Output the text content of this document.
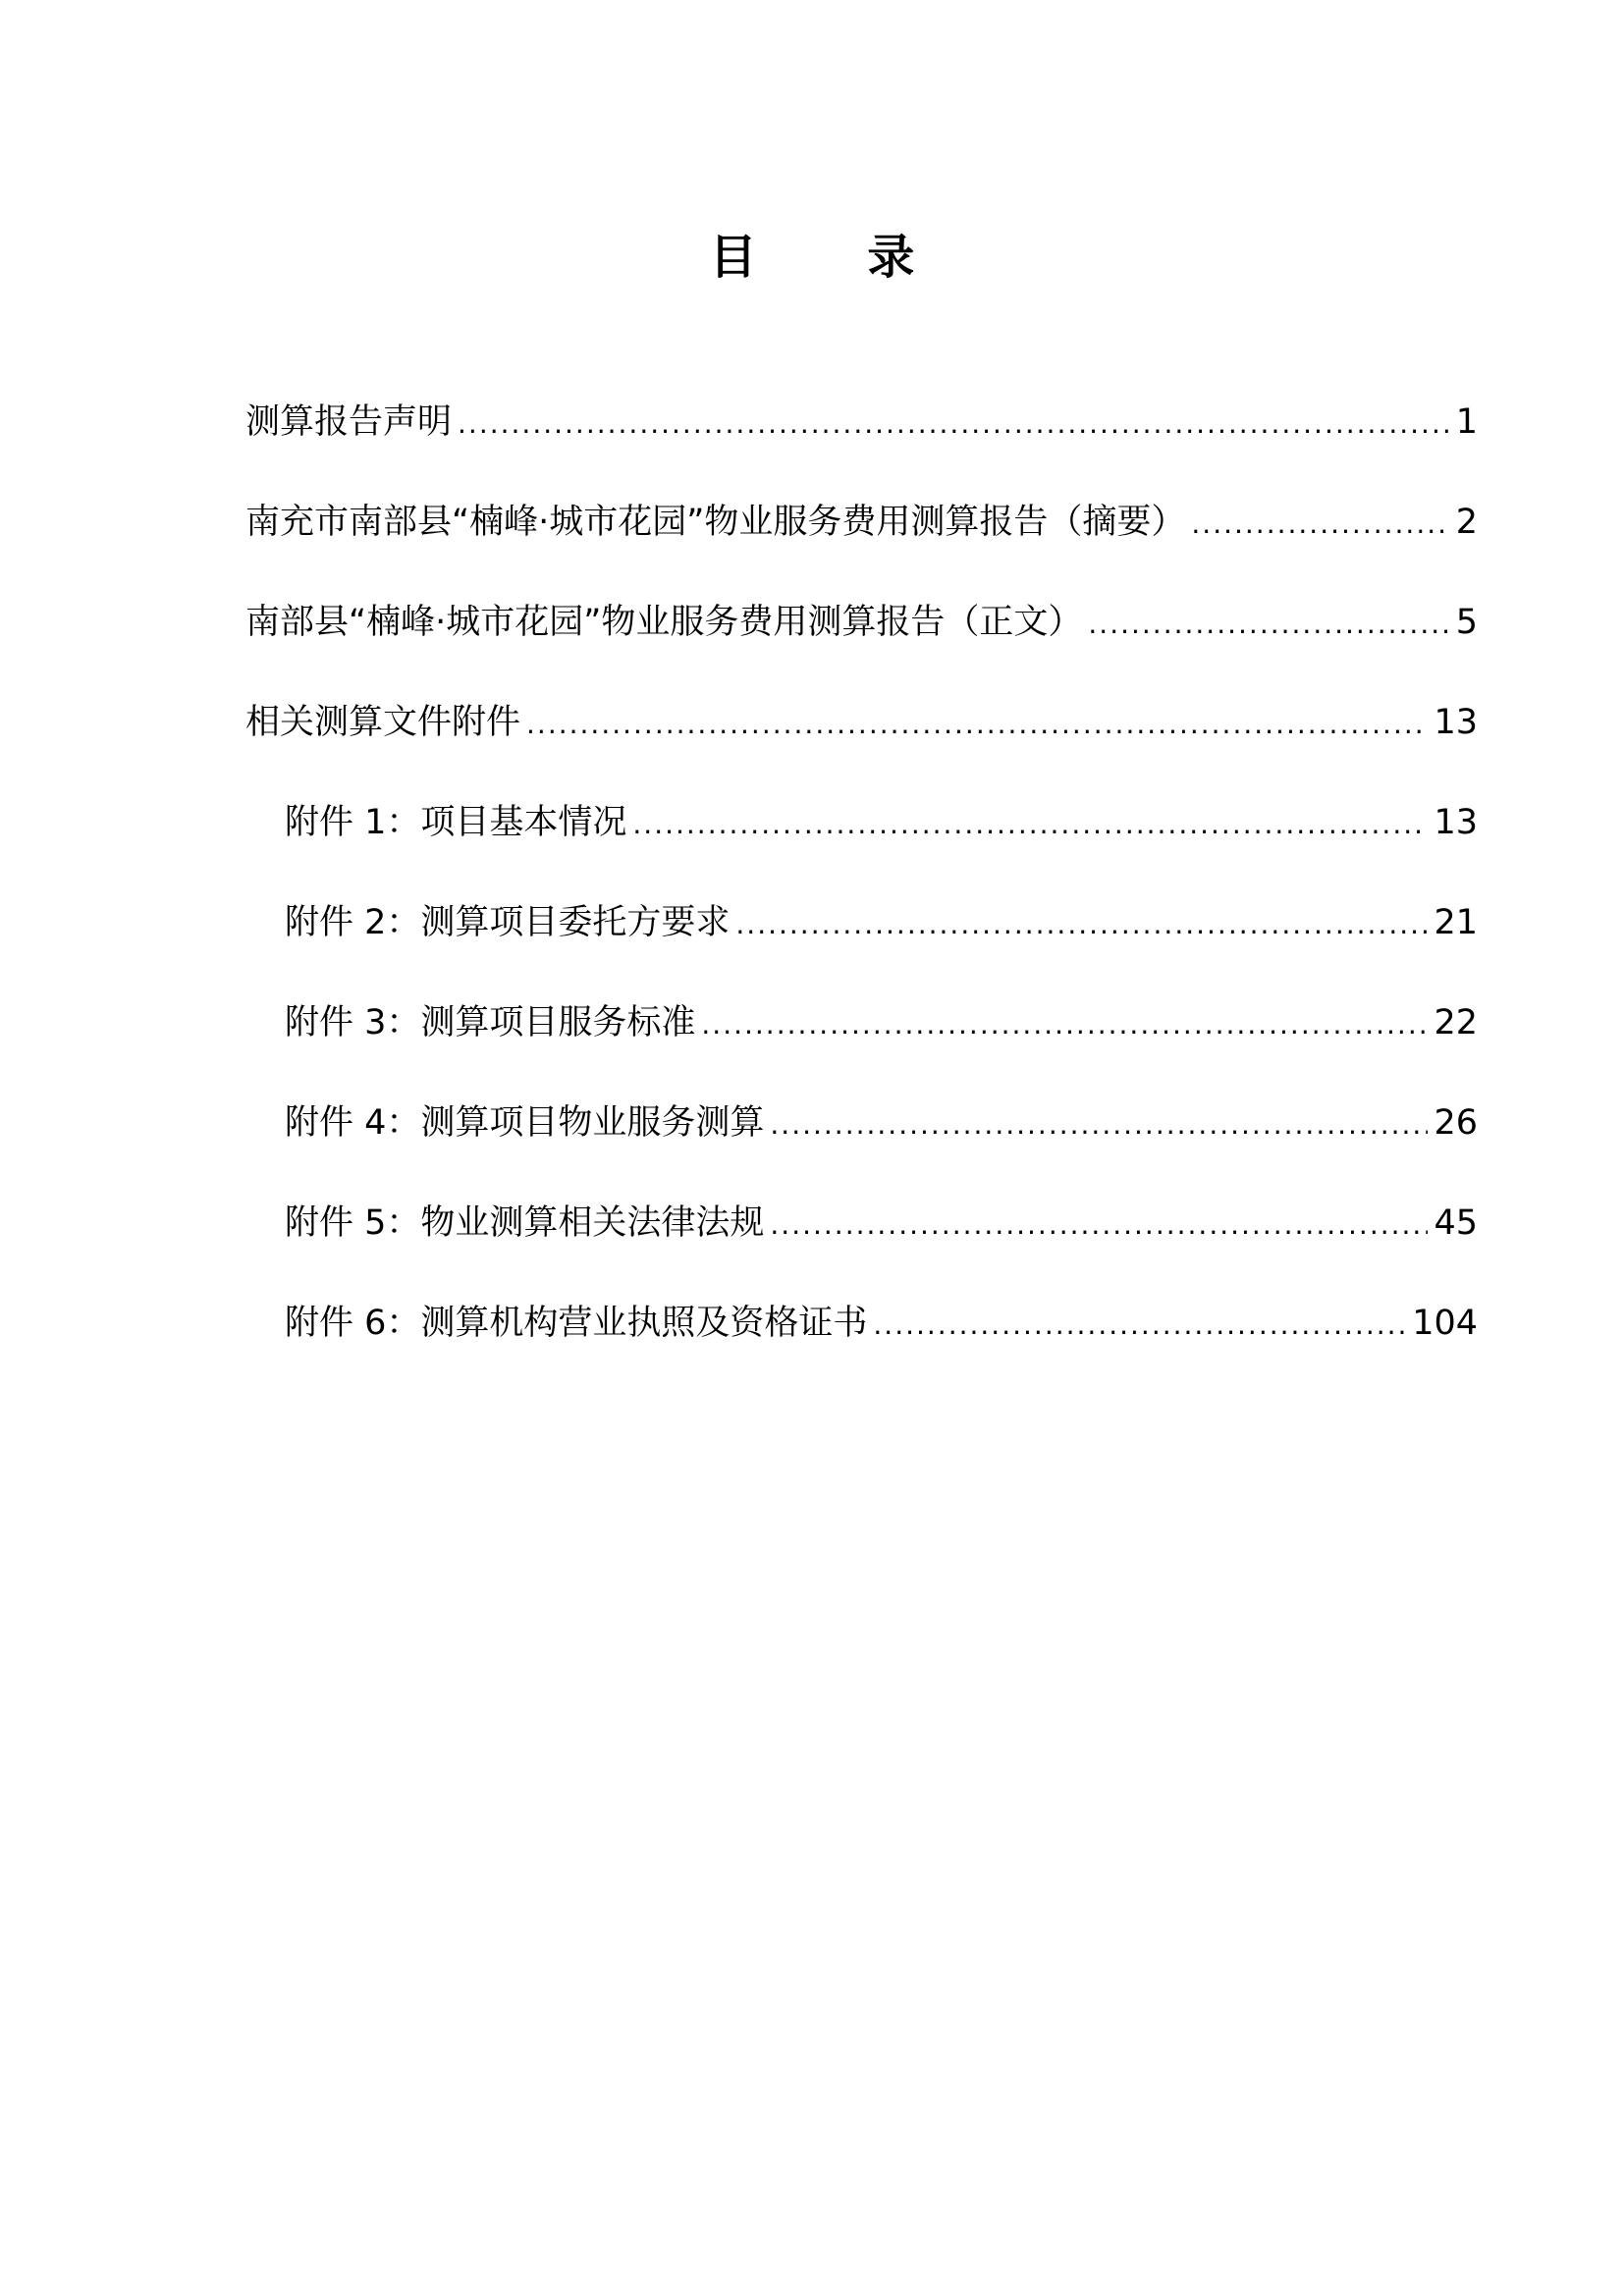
目 录
测算报告声明 .....	1
南充市南部县“楠峰·城市花园”物业服务费用测算报告（摘要） .....	2
南部县“楠峰·城市花园”物业服务费用测算报告（正文） .....	5
相关测算文件附件 .....	13
附件 1：项目基本情况 .....	13
附件 2：测算项目委托方要求 .....	21
附件 3：测算项目服务标准 .....	22
附件 4：测算项目物业服务测算 .....	26
附件 5：物业测算相关法律法规 .....	45
附件 6：测算机构营业执照及资格证书 .....	104
